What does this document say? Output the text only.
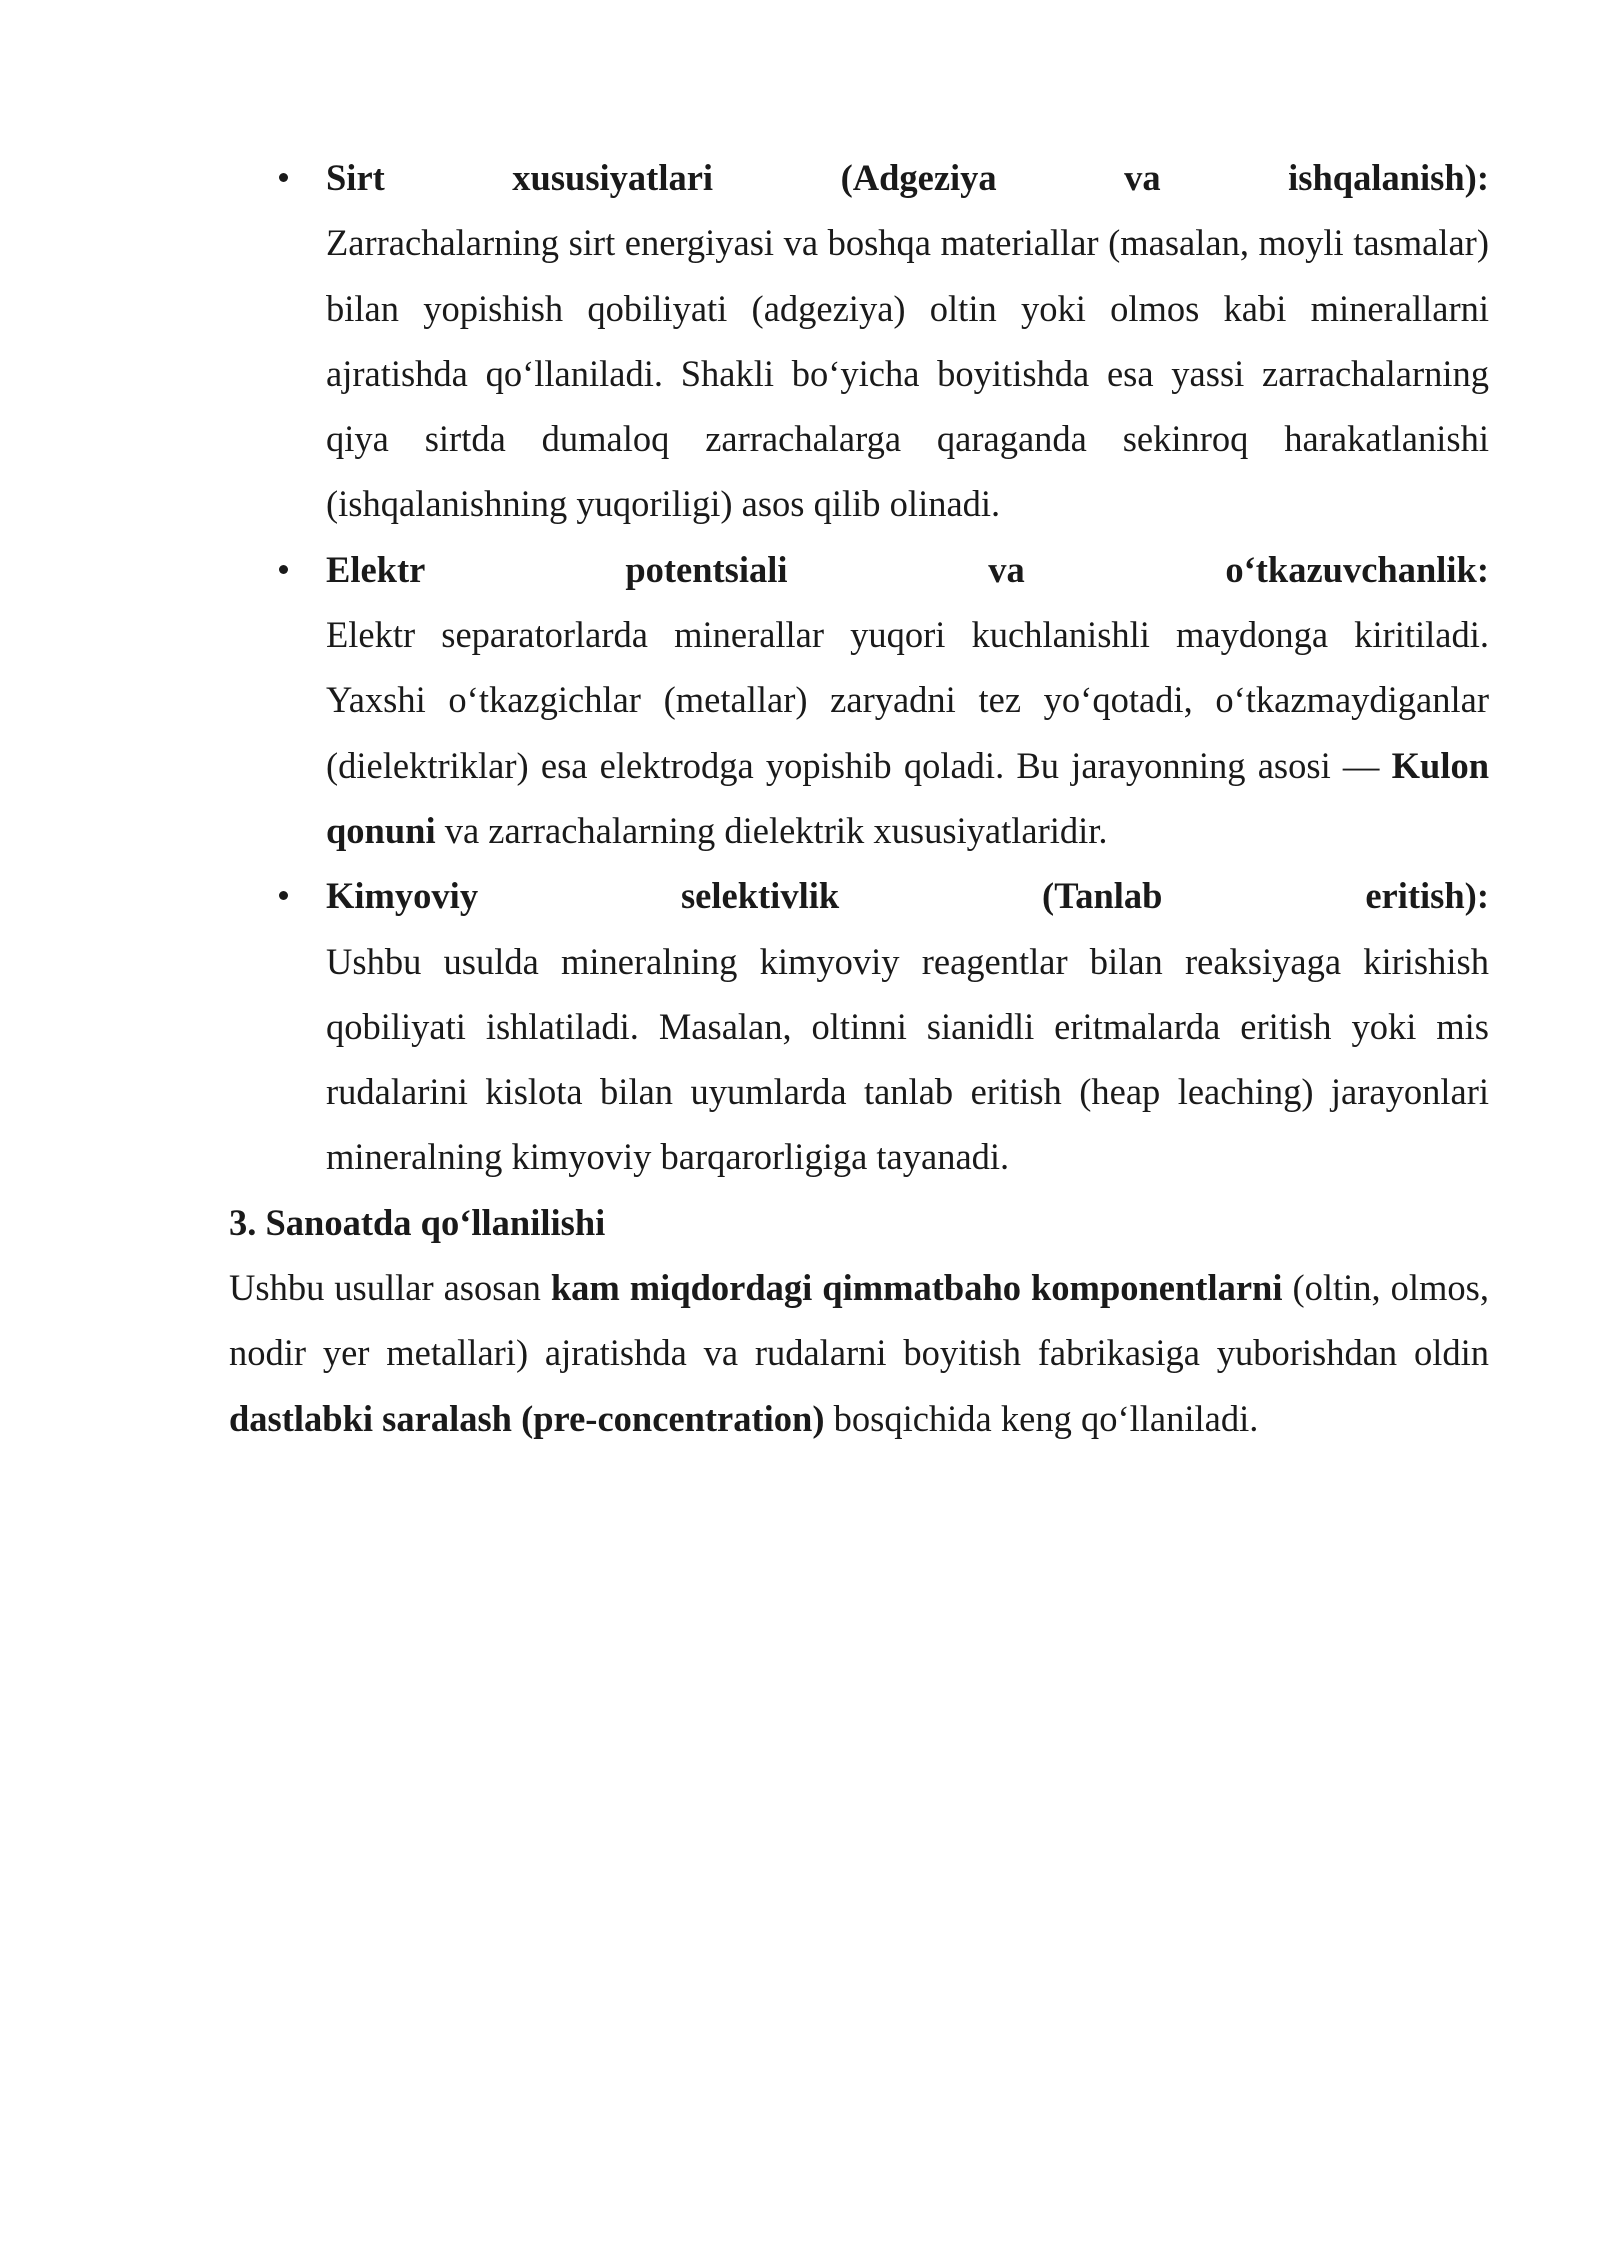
Sirt xususiyatlari (Adgeziya va ishqalanish):

Zarrachalarning sirt energiyasi va boshqa materiallar (masalan, moyli tasmalar) bilan yopishish qobiliyati (adgeziya) oltin yoki olmos kabi minerallarni ajratishda qo‘llaniladi. Shakli bo‘yicha boyitishda esa yassi zarrachalarning qiya sirtda dumaloq zarrachalarga qaraganda sekinroq harakatlanishi (ishqalanishning yuqoriligi) asos qilib olinadi.

Elektr potentsiali va o‘tkazuvchanlik:

Elektr separatorlarda minerallar yuqori kuchlanishli maydonga kiritiladi. Yaxshi o‘tkazgichlar (metallar) zaryadni tez yo‘qotadi, o‘tkazmaydiganlar (dielektriklar) esa elektrodga yopishib qoladi. Bu jarayonning asosi — Kulon qonuni va zarrachalarning dielektrik xususiyatlaridir.

Kimyoviy selektivlik (Tanlab eritish):

Ushbu usulda mineralning kimyoviy reagentlar bilan reaksiyaga kirishish qobiliyati ishlatiladi. Masalan, oltinni sianidli eritmalarda eritish yoki mis rudalarini kislota bilan uyumlarda tanlab eritish (heap leaching) jarayonlari mineralning kimyoviy barqarorligiga tayanadi.

3. Sanoatda qo‘llanilishi

Ushbu usullar asosan kam miqdordagi qimmatbaho komponentlarni (oltin, olmos, nodir yer metallari) ajratishda va rudalarni boyitish fabrikasiga yuborishdan oldin dastlabki saralash (pre-concentration) bosqichida keng qo‘llaniladi.
